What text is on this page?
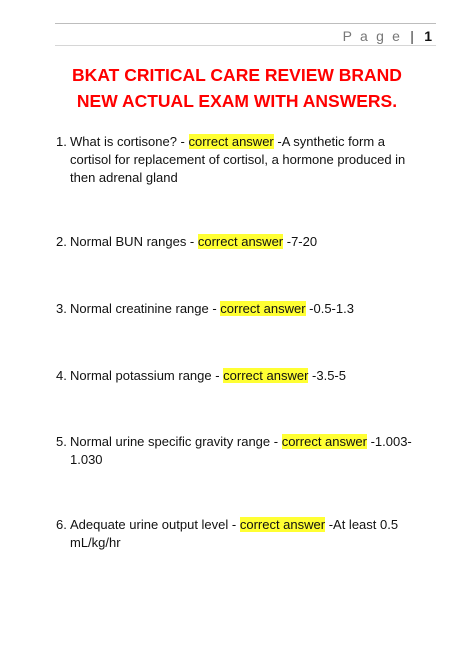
P a g e | 1
BKAT CRITICAL CARE REVIEW BRAND
NEW ACTUAL EXAM WITH ANSWERS.
1. What is cortisone? - correct answer -A synthetic form a cortisol for replacement of cortisol, a hormone produced in then adrenal gland
2. Normal BUN ranges - correct answer -7-20
3. Normal creatinine range - correct answer -0.5-1.3
4. Normal potassium range - correct answer -3.5-5
5. Normal urine specific gravity range - correct answer -1.003-1.030
6. Adequate urine output level - correct answer -At least 0.5 mL/kg/hr
